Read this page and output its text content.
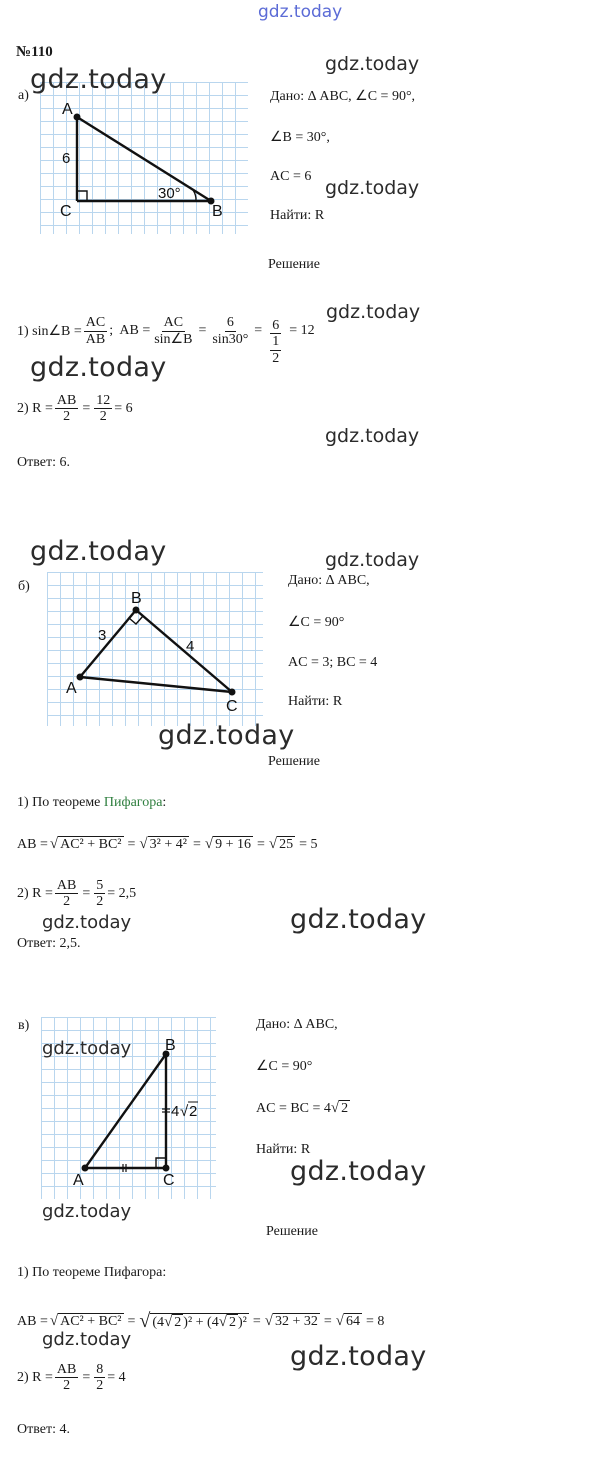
gdz.today
№110
а)
A
C	B
6
30°
Дано: Δ ABC, ∠C = 90°,
∠B = 30°,
AC = 6
Найти: R
Решение
1) sin∠B = $\frac{AC}{AB}$ ;  AB = $\frac{AC}{\sin\angle B} = \frac{6}{\sin 30^\circ} = \frac{6}{\frac{1}{2}} = 12$
2) $R = \frac{AB}{2} = \frac{12}{2} = 6$
Ответ: 6.
б)
B
A
C
3
4
Дано: Δ ABC,
∠C = 90°
AC = 3; BC = 4
Найти: R
Решение
1) По теореме Пифагора:
AB = √ AC² + BC² = √ 3² + 4² = √ 9 + 16 = √ 25 = 5
2) $R = \frac{AB}{2} = \frac{5}{2} = 2,5$
Ответ: 2,5.
в)
B
A	C
4 √ 2
Дано: Δ ABC,
∠C = 90°
AC = BC = 4√ 2
Найти: R
Решение
1) По теореме Пифагора:
AB = √ AC² + BC² = √ (4√ 2 )² + (4√ 2 )² = √ 32 + 32 = √ 64 = 8
2) $R = \frac{AB}{2} = \frac{8}{2} = 4$
Ответ: 4.
gdz.today
gdz.today
gdz.today
gdz.today
gdz.today
gdz.today
gdz.today	gdz.today
gdz.today
gdz.today
gdz.today
gdz.today
gdz.today
gdz.today
gdz.today
gdz.today
